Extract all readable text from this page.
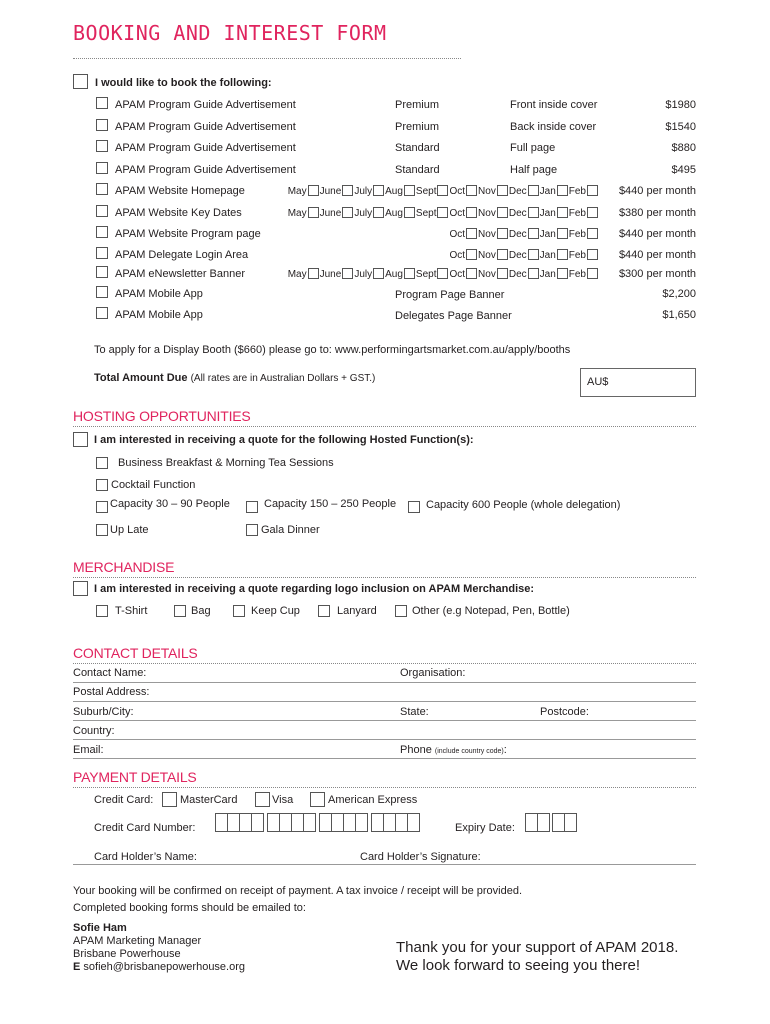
BOOKING AND INTEREST FORM
I would like to book the following:
APAM Program Guide Advertisement	Premium	Front inside cover	$1980
APAM Program Guide Advertisement	Premium	Back inside cover	$1540
APAM Program Guide Advertisement	Standard	Full page	$880
APAM Program Guide Advertisement	Standard	Half page	$495
APAM Website Homepage	May June July Aug Sept Oct Nov Dec Jan Feb	$440 per month
APAM Website Key Dates	May June July Aug Sept Oct Nov Dec Jan Feb	$380 per month
APAM Website Program page	Oct Nov Dec Jan Feb	$440 per month
APAM Delegate Login Area	Oct Nov Dec Jan Feb	$440 per month
APAM eNewsletter Banner	May June July Aug Sept Oct Nov Dec Jan Feb	$300 per month
APAM Mobile App	Program Page Banner	$2,200
APAM Mobile App	Delegates Page Banner	$1,650
To apply for a Display Booth ($660) please go to: www.performingartsmarket.com.au/apply/booths
Total Amount Due (All rates are in Australian Dollars + GST.)	AU$
HOSTING OPPORTUNITIES
I am interested in receiving a quote for the following Hosted Function(s):
Business Breakfast & Morning Tea Sessions
Cocktail Function
Capacity 30 – 90 People	Capacity 150 – 250 People	Capacity 600 People (whole delegation)
Up Late	Gala Dinner
MERCHANDISE
I am interested in receiving a quote regarding logo inclusion on APAM Merchandise:
T-Shirt	Bag	Keep Cup	Lanyard	Other (e.g Notepad, Pen, Bottle)
CONTACT DETAILS
Contact Name:	Organisation:
Postal Address:
Suburb/City:	State:	Postcode:
Country:
Email:	Phone (include country code):
PAYMENT DETAILS
Credit Card: MasterCard	Visa	American Express
Credit Card Number:	Expiry Date:
Card Holder’s Name:	Card Holder’s Signature:
Your booking will be confirmed on receipt of payment. A tax invoice / receipt will be provided.
Completed booking forms should be emailed to:
Sofie Ham
APAM Marketing Manager
Brisbane Powerhouse
E sofieh@brisbanepowerhouse.org
Thank you for your support of APAM 2018.
We look forward to seeing you there!
